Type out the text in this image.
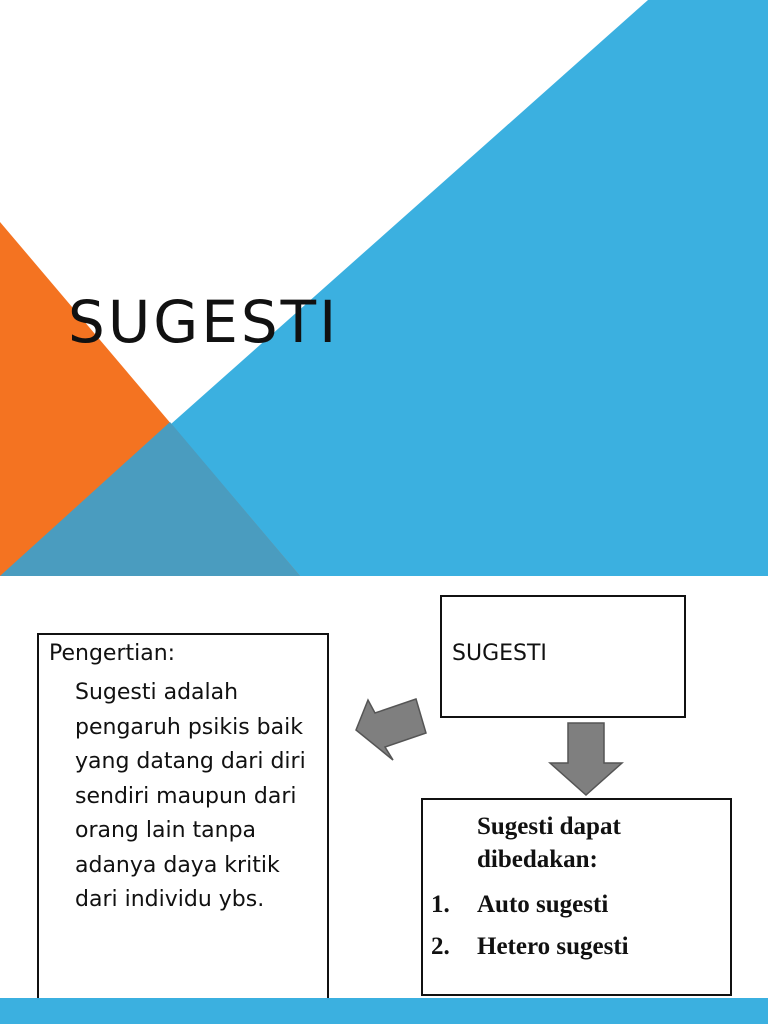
SUGESTI

Pengertian:

Sugesti adalah pengaruh psikis baik yang datang dari diri sendiri maupun dari orang lain tanpa adanya daya kritik dari individu ybs.

SUGESTI

Sugesti dapat dibedakan:

1.	Auto sugesti
2.	Hetero sugesti
